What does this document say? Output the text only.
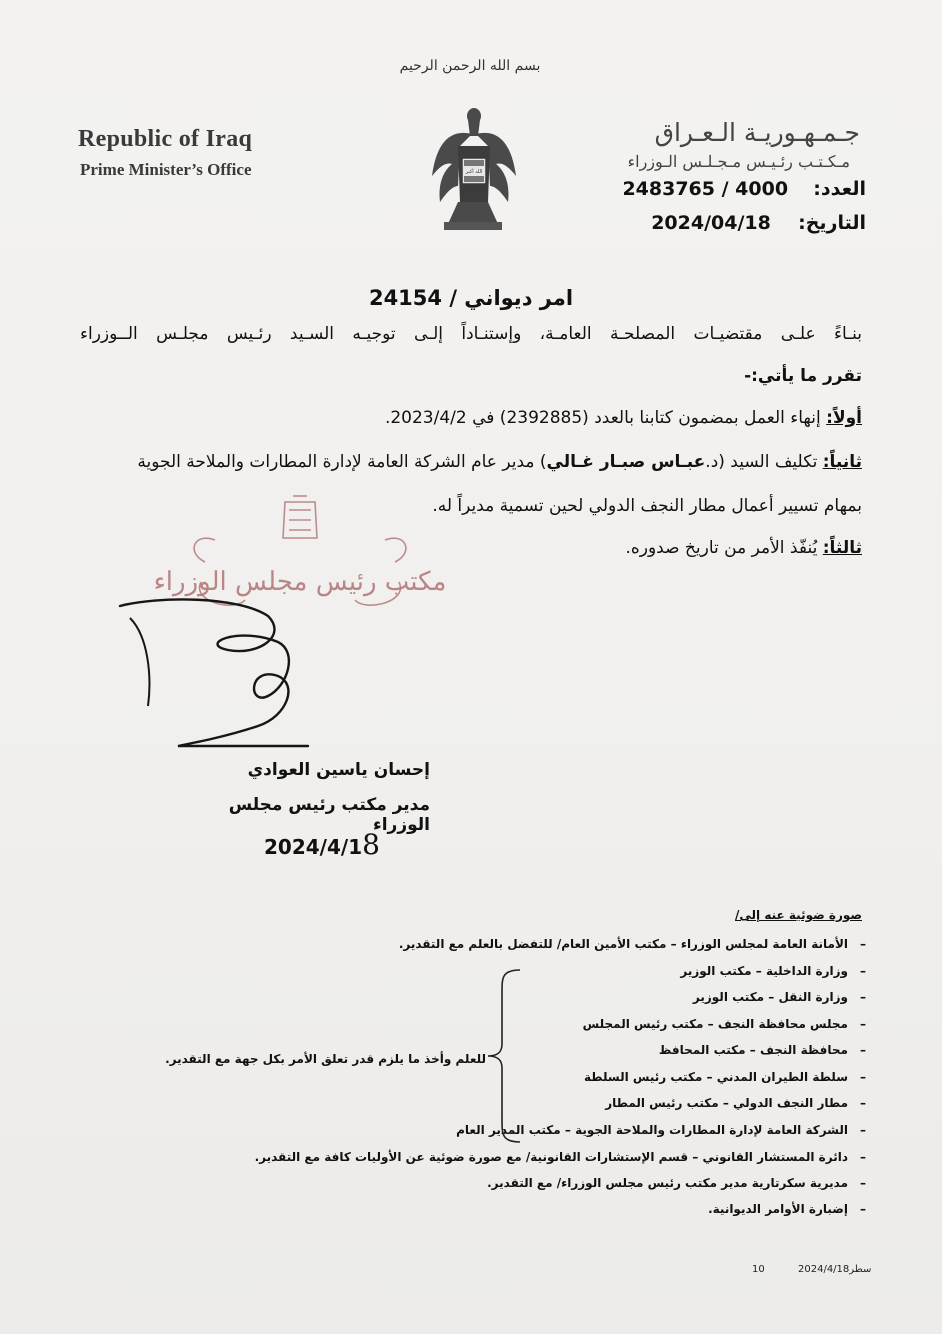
بسم الله الرحمن الرحيم
Republic of Iraq
Prime Minister’s Office	الله أكبر
جـمـهـوريـة الـعـراق
مـكـتـب رئـيـس مـجـلـس الـوزراء
العدد:  2483765 / 4000
التاريخ:  2024/04/18
امر ديواني / 24154
بنـاءً علـى مقتضيـات المصلحـة العامـة، وإستنـاداً إلـى توجيـه السـيد رئـيس مجلـس الــوزراء
تقرر ما يأتي:-
أولاً: إنهاء العمل بمضمون كتابنا بالعدد (2392885) في 2023/4/2.
ثانياً: تكليف السيد (د.عبـاس صبـار غـالي) مدير عام الشركة العامة لإدارة المطارات والملاحة الجوية
بمهام تسيير أعمال مطار النجف الدولي لحين تسمية مديراً له.
ثالثاً: يُنفّذ الأمر من تاريخ صدوره.
مكتب رئيس مجلس الوزراء
إحسان ياسين العوادي
مدير مكتب رئيس مجلس الوزراء
2024/4/18
صورة ضوئية عنه إلى/
–الأمانة العامة لمجلس الوزراء – مكتب الأمين العام/ للتفضل بالعلم مع التقدير.
–وزارة الداخلية – مكتب الوزير
–وزارة النقل – مكتب الوزير
–مجلس محافظة النجف – مكتب رئيس المجلس
–محافظة النجف – مكتب المحافظ
–سلطة الطيران المدني – مكتب رئيس السلطة
–مطار النجف الدولي – مكتب رئيس المطار
–الشركة العامة لإدارة المطارات والملاحة الجوية – مكتب المدير العام
–دائرة المستشار القانوني – قسم الإستشارات القانونية/ مع صورة ضوئية عن الأوليات كافة مع التقدير.
–مديرية سكرتارية مدير مكتب رئيس مجلس الوزراء/ مع التقدير.
–إضبارة الأوامر الديوانية.
للعلم وأخذ ما يلزم قدر تعلق الأمر بكل جهة مع التقدير.
10	2024/4/18سطر
